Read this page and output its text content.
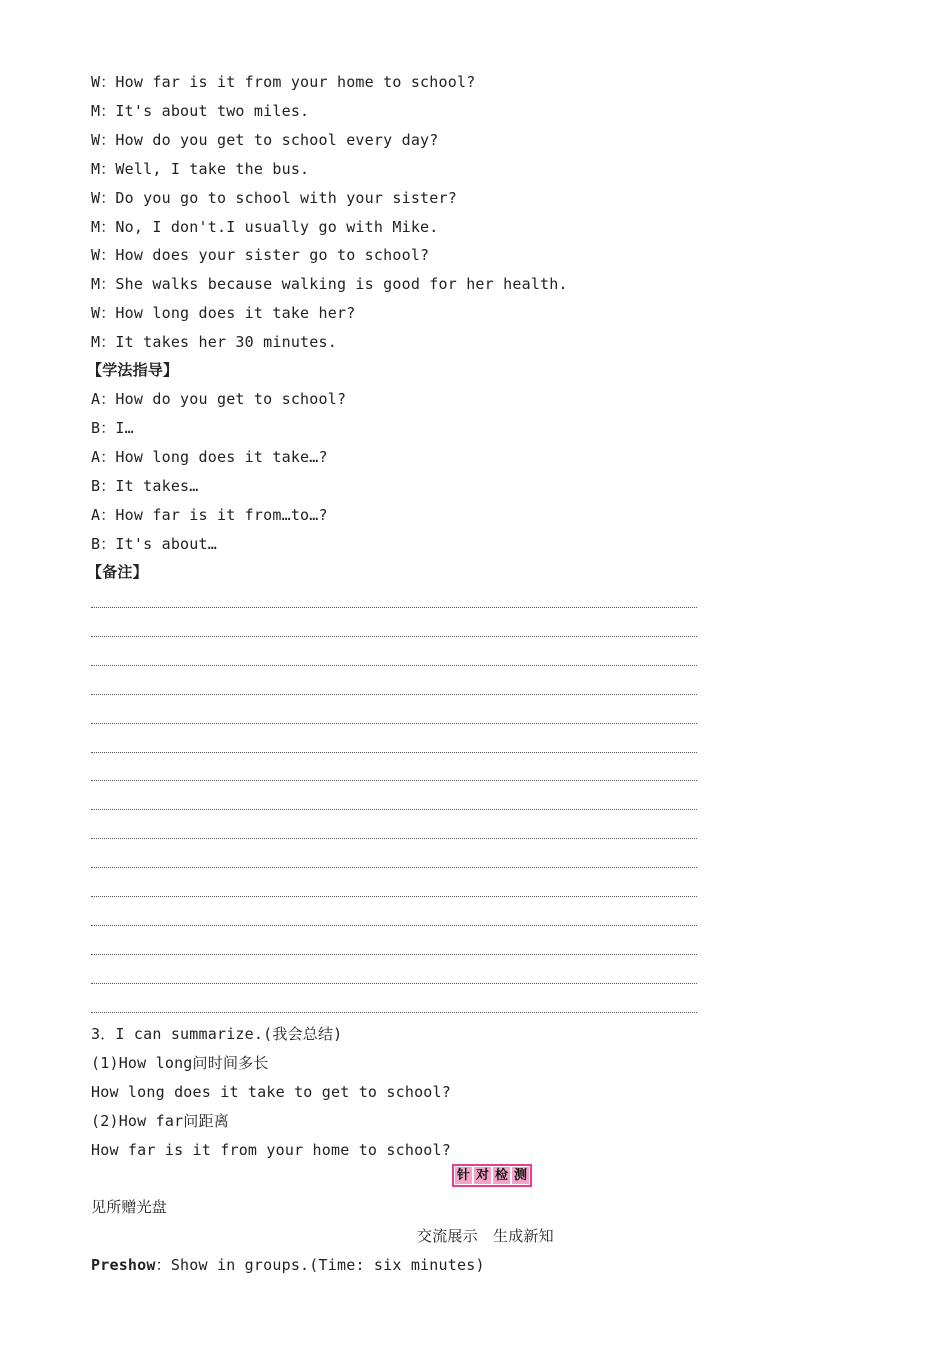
W：How far is it from your home to school?
M：It's about two miles.
W：How do you get to school every day?
M：Well, I take the bus.
W：Do you go to school with your sister?
M：No, I don't.I usually go with Mike.
W：How does your sister go to school?
M：She walks because walking is good for her health.
W：How long does it take her?
M：It takes her 30 minutes.
【学法指导】
A：How do you get to school?
B：I…
A：How long does it take…?
B：It takes…
A：How far is it from…to…?
B：It's about…
【备注】
3．I can summarize.(我会总结)
(1)How long问时间多长
How long does it take to get to school?
(2)How far问距离
How far is it from your home to school?
针 对 检 测
见所赠光盘
交流展示　生成新知
Preshow：Show in groups.(Time: six minutes)
